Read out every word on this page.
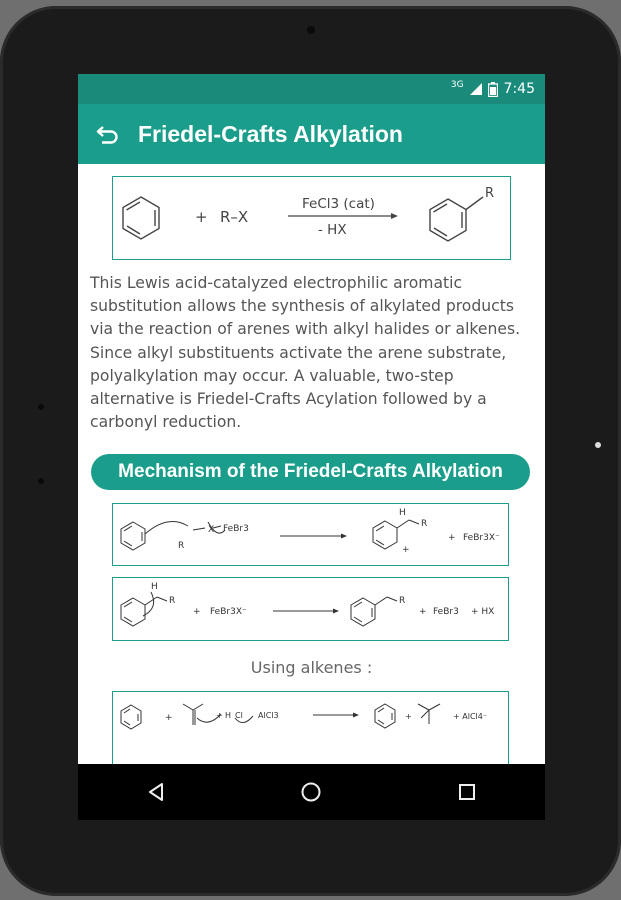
3G	7:45
Friedel-Crafts Alkylation
+ R–X
FeCl3 (cat)
- HX
R
This Lewis acid-catalyzed electrophilic aromatic substitution allows the synthesis of alkylated products via the reaction of arenes with alkyl halides or alkenes. Since alkyl substituents activate the arene substrate, polyalkylation may occur. A valuable, two-step alternative is Friedel-Crafts Acylation followed by a carbonyl reduction.
Mechanism of the Friedel-Crafts Alkylation
R
X FeBr3
H
R
+
+ FeBr3X⁻
H
R
+ FeBr3X⁻
R
+ FeBr3 + HX
Using alkenes :
+	+ H Cl AlCl3	+	+ AlCl4⁻
